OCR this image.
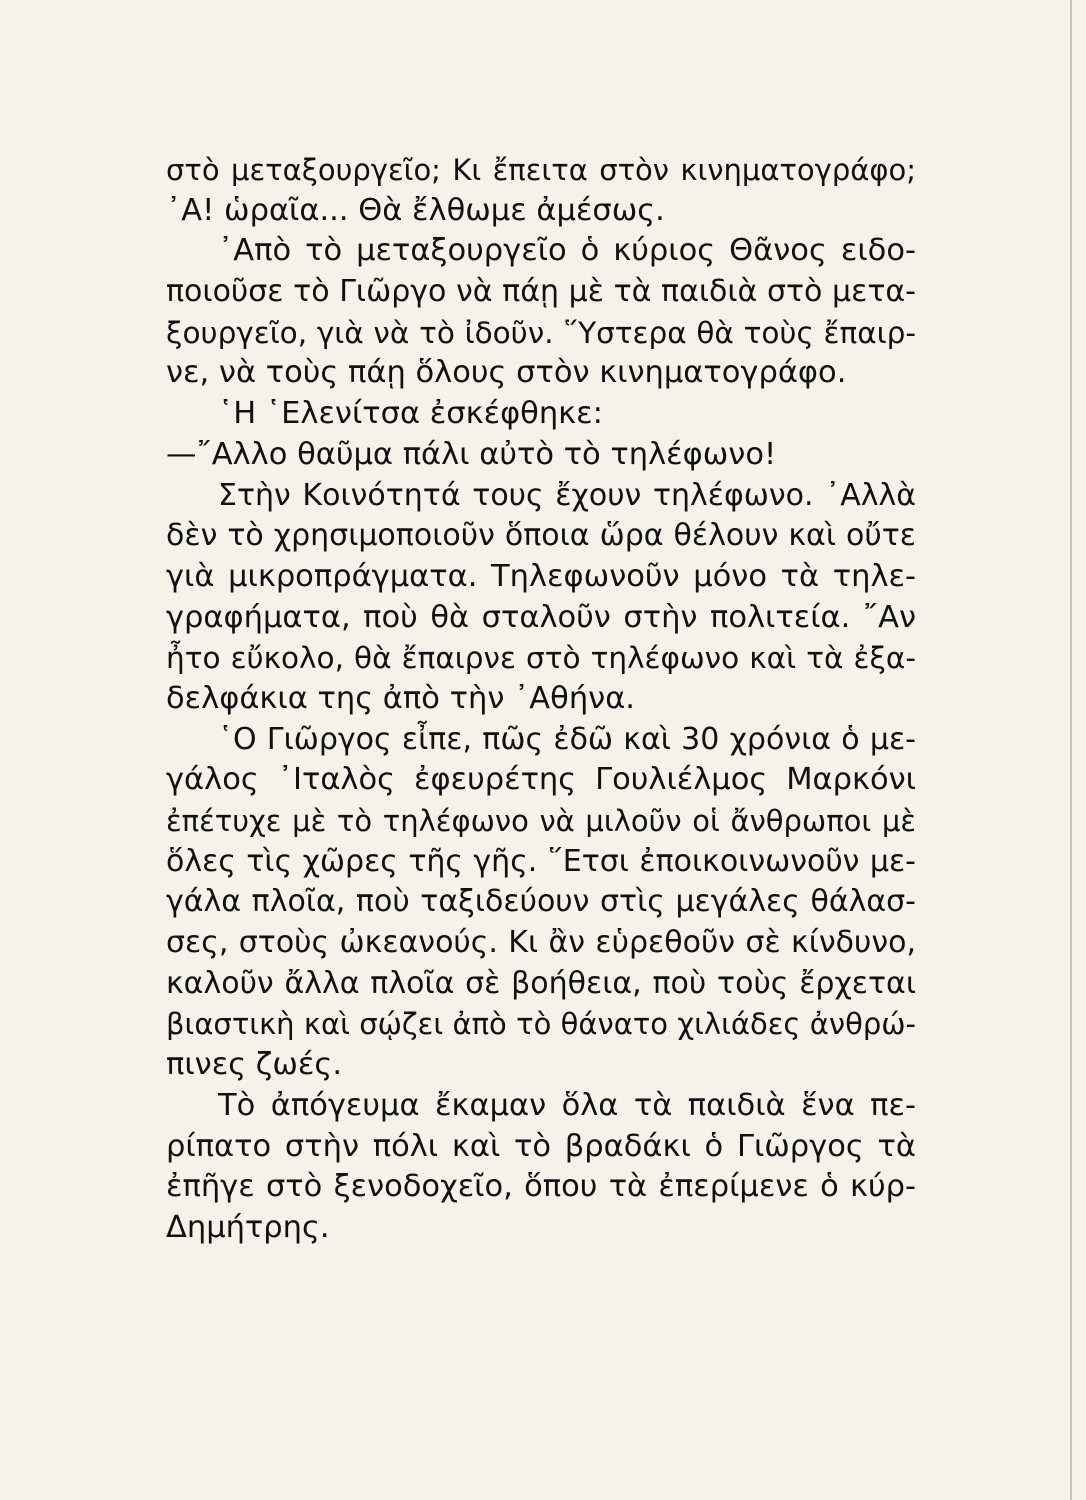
στὸ μεταξουργεῖο; Κι ἔπειτα στὸν κινηματογράφο;
᾿Α! ὡραῖα... Θὰ ἔλθωμε ἀμέσως.
᾿Απὸ τὸ μεταξουργεῖο ὁ κύριος Θᾶνος ειδο-
ποιοῦσε τὸ Γιῶργο νὰ πάῃ μὲ τὰ παιδιὰ στὸ μετα-
ξουργεῖο, γιὰ νὰ τὸ ἰδοῦν. ῞Υστερα θὰ τοὺς ἔπαιρ-
νε, νὰ τοὺς πάῃ ὅλους στὸν κινηματογράφο.
῾Η ῾Ελενίτσα ἐσκέφθηκε:
—῎Αλλο θαῦμα πάλι αὐτὸ τὸ τηλέφωνο!
Στὴν Κοινότητά τους ἔχουν τηλέφωνο. ᾿Αλλὰ
δὲν τὸ χρησιμοποιοῦν ὅποια ὥρα θέλουν καὶ οὔτε
γιὰ μικροπράγματα. Τηλεφωνοῦν μόνο τὰ τηλε-
γραφήματα, ποὺ θὰ σταλοῦν στὴν πολιτεία. ῎Αν
ἦτο εὔκολο, θὰ ἔπαιρνε στὸ τηλέφωνο καὶ τὰ ἐξα-
δελφάκια της ἀπὸ τὴν ᾿Αθήνα.
῾Ο Γιῶργος εἶπε, πῶς ἐδῶ καὶ 30 χρόνια ὁ με-
γάλος ᾿Ιταλὸς ἐφευρέτης Γουλιέλμος Μαρκόνι
ἐπέτυχε μὲ τὸ τηλέφωνο νὰ μιλοῦν οἱ ἄνθρωποι μὲ
ὅλες τὶς χῶρες τῆς γῆς. ῞Ετσι ἐποικοινωνοῦν με-
γάλα πλοῖα, ποὺ ταξιδεύουν στὶς μεγάλες θάλασ-
σες, στοὺς ὠκεανούς. Κι ἂν εὑρεθοῦν σὲ κίνδυνο,
καλοῦν ἄλλα πλοῖα σὲ βοήθεια, ποὺ τοὺς ἔρχεται
βιαστικὴ καὶ σῴζει ἀπὸ τὸ θάνατο χιλιάδες ἀνθρώ-
πινες ζωές.
Τὸ ἀπόγευμα ἔκαμαν ὅλα τὰ παιδιὰ ἕνα πε-
ρίπατο στὴν πόλι καὶ τὸ βραδάκι ὁ Γιῶργος τὰ
ἐπῆγε στὸ ξενοδοχεῖο, ὅπου τὰ ἐπερίμενε ὁ κύρ-
Δημήτρης.
